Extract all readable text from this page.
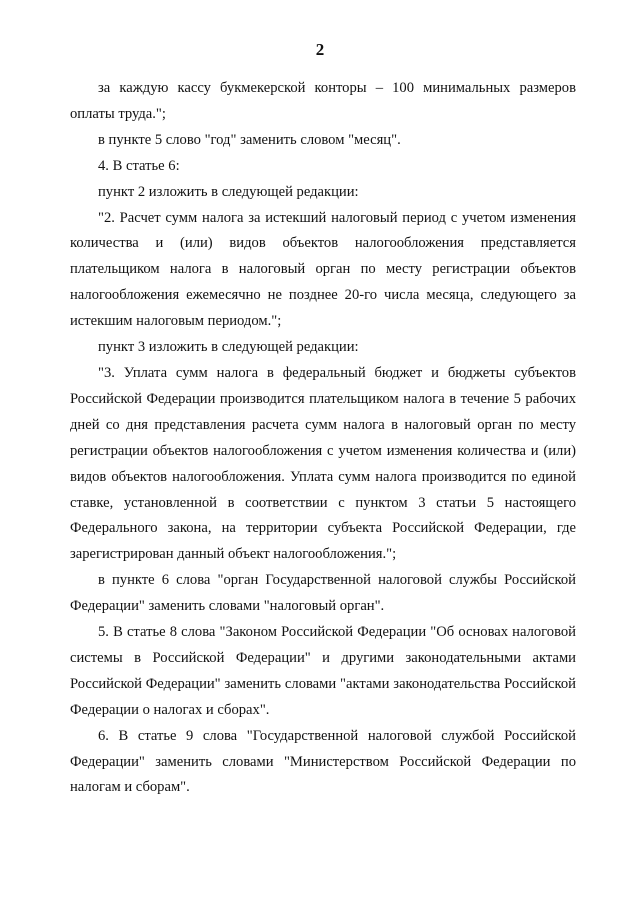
2

за каждую кассу букмекерской конторы – 100 минимальных размеров оплаты труда.";

в пункте 5 слово "год" заменить словом "месяц".

4. В статье 6:

пункт 2 изложить в следующей редакции:

"2. Расчет сумм налога за истекший налоговый период с учетом изменения количества и (или) видов объектов налогообложения представляется плательщиком налога в налоговый орган по месту регистрации объектов налогообложения ежемесячно не позднее 20-го числа месяца, следующего за истекшим налоговым периодом.";

пункт 3 изложить в следующей редакции:

"3. Уплата сумм налога в федеральный бюджет и бюджеты субъектов Российской Федерации производится плательщиком налога в течение 5 рабочих дней со дня представления расчета сумм налога в налоговый орган по месту регистрации объектов налогообложения с учетом изменения количества и (или) видов объектов налогообложения. Уплата сумм налога производится по единой ставке, установленной в соответствии с пунктом 3 статьи 5 настоящего Федерального закона, на территории субъекта Российской Федерации, где зарегистрирован данный объект налогообложения.";

в пункте 6 слова "орган Государственной налоговой службы Российской Федерации" заменить словами "налоговый орган".

5. В статье 8 слова "Законом Российской Федерации "Об основах налоговой системы в Российской Федерации" и другими законодательными актами Российской Федерации" заменить словами "актами законодательства Российской Федерации о налогах и сборах".

6. В статье 9 слова "Государственной налоговой службой Российской Федерации" заменить словами "Министерством Российской Федерации по налогам и сборам".
